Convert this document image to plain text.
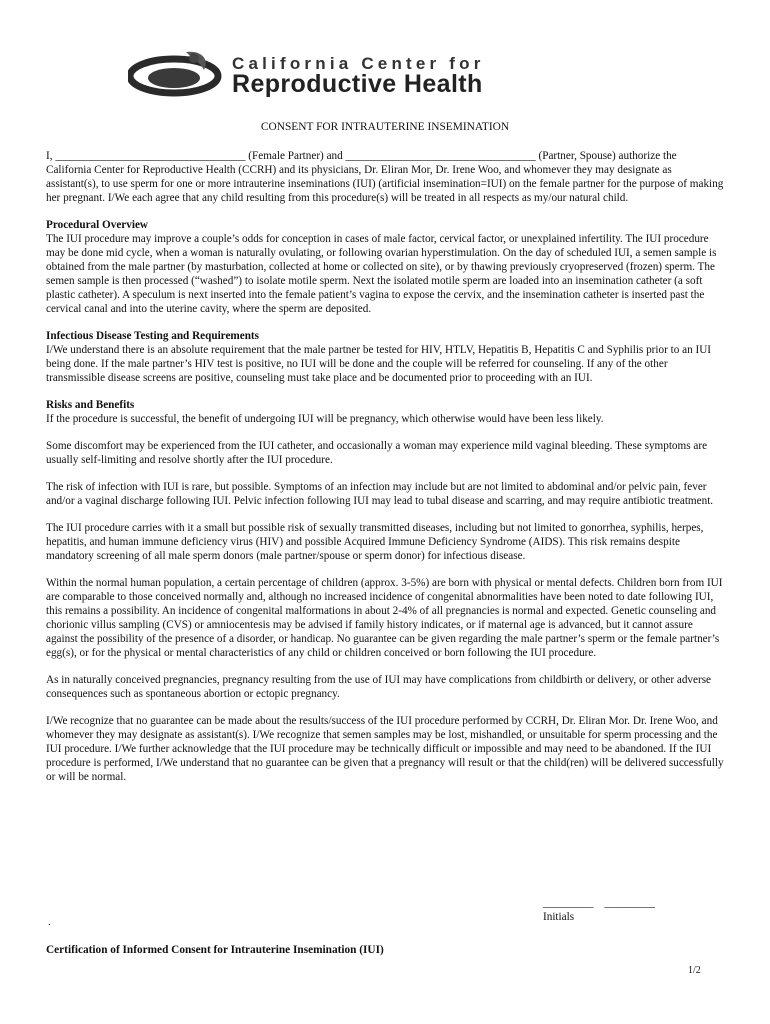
California Center for
Reproductive Health
CONSENT FOR INTRAUTERINE INSEMINATION

I, __________________________________ (Female Partner) and __________________________________ (Partner, Spouse) authorize the California Center for Reproductive Health (CCRH) and its physicians, Dr. Eliran Mor, Dr. Irene Woo, and whomever they may designate as assistant(s), to use sperm for one or more intrauterine inseminations (IUI) (artificial insemination=IUI) on the female partner for the purpose of making her pregnant. I/We each agree that any child resulting from this procedure(s) will be treated in all respects as my/our natural child.

Procedural Overview

The IUI procedure may improve a couple’s odds for conception in cases of male factor, cervical factor, or unexplained infertility. The IUI procedure may be done mid cycle, when a woman is naturally ovulating, or following ovarian hyperstimulation. On the day of scheduled IUI, a semen sample is obtained from the male partner (by masturbation, collected at home or collected on site), or by thawing previously cryopreserved (frozen) sperm. The semen sample is then processed (“washed”) to isolate motile sperm. Next the isolated motile sperm are loaded into an insemination catheter (a soft plastic catheter). A speculum is next inserted into the female patient’s vagina to expose the cervix, and the insemination catheter is inserted past the cervical canal and into the uterine cavity, where the sperm are deposited.

Infectious Disease Testing and Requirements

I/We understand there is an absolute requirement that the male partner be tested for HIV, HTLV, Hepatitis B, Hepatitis C and Syphilis prior to an IUI being done. If the male partner’s HIV test is positive, no IUI will be done and the couple will be referred for counseling. If any of the other transmissible disease screens are positive, counseling must take place and be documented prior to proceeding with an IUI.

Risks and Benefits

If the procedure is successful, the benefit of undergoing IUI will be pregnancy, which otherwise would have been less likely.

Some discomfort may be experienced from the IUI catheter, and occasionally a woman may experience mild vaginal bleeding. These symptoms are usually self-limiting and resolve shortly after the IUI procedure.

The risk of infection with IUI is rare, but possible. Symptoms of an infection may include but are not limited to abdominal and/or pelvic pain, fever and/or a vaginal discharge following IUI. Pelvic infection following IUI may lead to tubal disease and scarring, and may require antibiotic treatment.

The IUI procedure carries with it a small but possible risk of sexually transmitted diseases, including but not limited to gonorrhea, syphilis, herpes, hepatitis, and human immune deficiency virus (HIV) and possible Acquired Immune Deficiency Syndrome (AIDS). This risk remains despite mandatory screening of all male sperm donors (male partner/spouse or sperm donor) for infectious disease.

Within the normal human population, a certain percentage of children (approx. 3-5%) are born with physical or mental defects. Children born from IUI are comparable to those conceived normally and, although no increased incidence of congenital abnormalities have been noted to date following IUI, this remains a possibility. An incidence of congenital malformations in about 2-4% of all pregnancies is normal and expected. Genetic counseling and chorionic villus sampling (CVS) or amniocentesis may be advised if family history indicates, or if maternal age is advanced, but it cannot assure against the possibility of the presence of a disorder, or handicap. No guarantee can be given regarding the male partner’s sperm or the female partner’s egg(s), or for the physical or mental characteristics of any child or children conceived or born following the IUI procedure.

As in naturally conceived pregnancies, pregnancy resulting from the use of IUI may have complications from childbirth or delivery, or other adverse consequences such as spontaneous abortion or ectopic pregnancy.

I/We recognize that no guarantee can be made about the results/success of the IUI procedure performed by CCRH, Dr. Eliran Mor. Dr. Irene Woo, and whomever they may designate as assistant(s). I/We recognize that semen samples may be lost, mishandled, or unsuitable for sperm processing and the IUI procedure. I/We further acknowledge that the IUI procedure may be technically difficult or impossible and may need to be abandoned. If the IUI procedure is performed, I/We understand that no guarantee can be given that a pregnancy will result or that the child(ren) will be delivered successfully or will be normal.

_________    _________
Initials
.
Certification of Informed Consent for Intrauterine Insemination (IUI)
1/2
